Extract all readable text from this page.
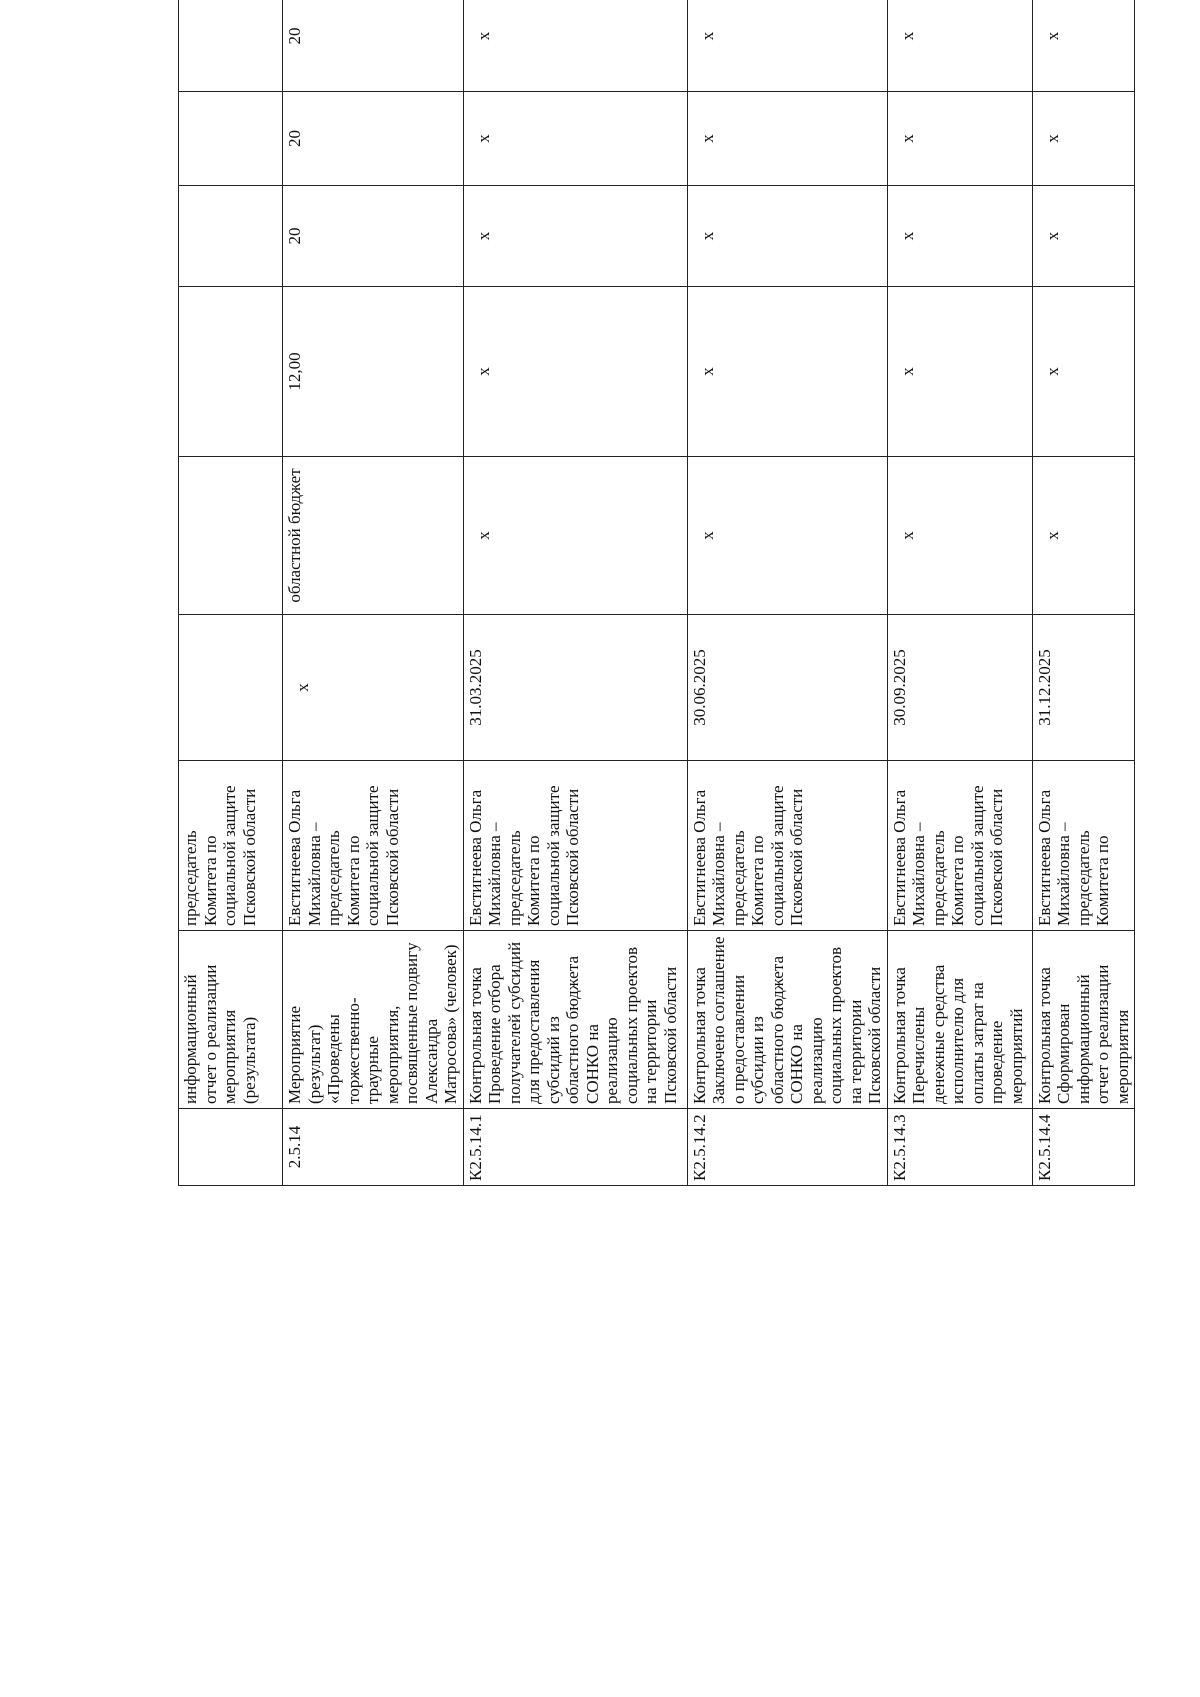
	информационный отчет о реализации мероприятия (результата)	председатель Комитета по социальной защите Псковской области							
2.5.14	Мероприятие (результат) «Проведены торжественно-траурные мероприятия, посвященные подвигу Александра Матросова» (человек)	Евстигнеева Ольга Михайловна – председатель Комитета по социальной защите Псковской области	х	областной бюджет	12,00	20	20	20	
К2.5.14.1	Контрольная точка Проведение отбора получателей субсидий для предоставления субсидий из областного бюджета СОНКО на реализацию социальных проектов на территории Псковской области	Евстигнеева Ольга Михайловна – председатель Комитета по социальной защите Псковской области	31.03.2025	х	х	х	х	х	
К2.5.14.2	Контрольная точка Заключено соглашение о предоставлении субсидии из областного бюджета СОНКО на реализацию социальных проектов на территории Псковской области	Евстигнеева Ольга Михайловна – председатель Комитета по социальной защите Псковской области	30.06.2025	х	х	х	х	х	
К2.5.14.3	Контрольная точка Перечислены денежные средства исполнителю для оплаты затрат на проведение мероприятий	Евстигнеева Ольга Михайловна – председатель Комитета по социальной защите Псковской области	30.09.2025	х	х	х	х	х	
К2.5.14.4	Контрольная точка Сформирован информационный отчет о реализации мероприятия	Евстигнеева Ольга Михайловна – председатель Комитета по	31.12.2025	х	х	х	х	х	
